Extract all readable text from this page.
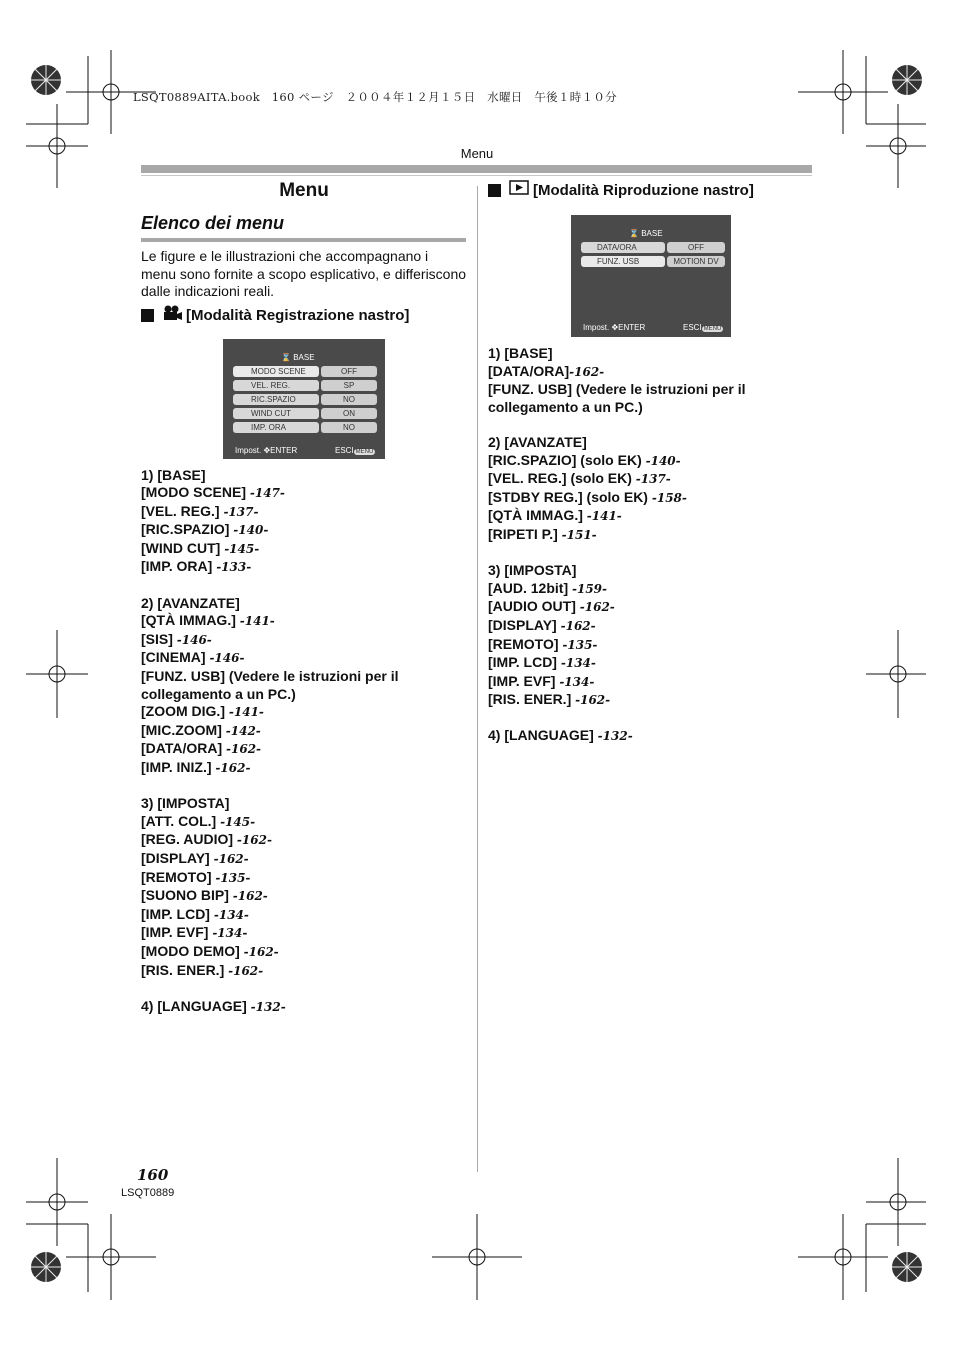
LSQT0889AITA.book　160 ページ　２００４年１２月１５日　水曜日　午後１時１０分
Menu
Menu
Elenco dei menu

Le figure e le illustrazioni che accompagnano i menu sono fornite a scopo esplicativo, e differiscono dalle indicazioni reali.

[Modalità Registrazione nastro]
⌛ BASE
MODO SCENE	OFF
VEL. REG.	SP
RIC.SPAZIO	NO
WIND CUT	ON
IMP. ORA	NO
Impost. ✥ENTER	ESCI MENU
1) [BASE]
[MODO SCENE] -147-
[VEL. REG.] -137-
[RIC.SPAZIO] -140-
[WIND CUT] -145-
[IMP. ORA] -133-
2) [AVANZATE]
[QTÀ IMMAG.] -141-
[SIS] -146-
[CINEMA] -146-
[FUNZ. USB] (Vedere le istruzioni per il
collegamento a un PC.)
[ZOOM DIG.] -141-
[MIC.ZOOM] -142-
[DATA/ORA] -162-
[IMP. INIZ.] -162-
3) [IMPOSTA]
[ATT. COL.] -145-
[REG. AUDIO] -162-
[DISPLAY] -162-
[REMOTO] -135-
[SUONO BIP] -162-
[IMP. LCD] -134-
[IMP. EVF] -134-
[MODO DEMO] -162-
[RIS. ENER.] -162-
4) [LANGUAGE] -132-
[Modalità Riproduzione nastro]
⌛ BASE
DATA/ORA	OFF
FUNZ. USB	MOTION DV
Impost. ✥ENTER	ESCI MENU
1) [BASE]
[DATA/ORA]-162-
[FUNZ. USB] (Vedere le istruzioni per il
collegamento a un PC.)
2) [AVANZATE]
[RIC.SPAZIO] (solo EK) -140-
[VEL. REG.] (solo EK) -137-
[STDBY REG.] (solo EK) -158-
[QTÀ IMMAG.] -141-
[RIPETI P.] -151-
3) [IMPOSTA]
[AUD. 12bit] -159-
[AUDIO OUT] -162-
[DISPLAY] -162-
[REMOTO] -135-
[IMP. LCD] -134-
[IMP. EVF] -134-
[RIS. ENER.] -162-
4) [LANGUAGE] -132-
160
LSQT0889
